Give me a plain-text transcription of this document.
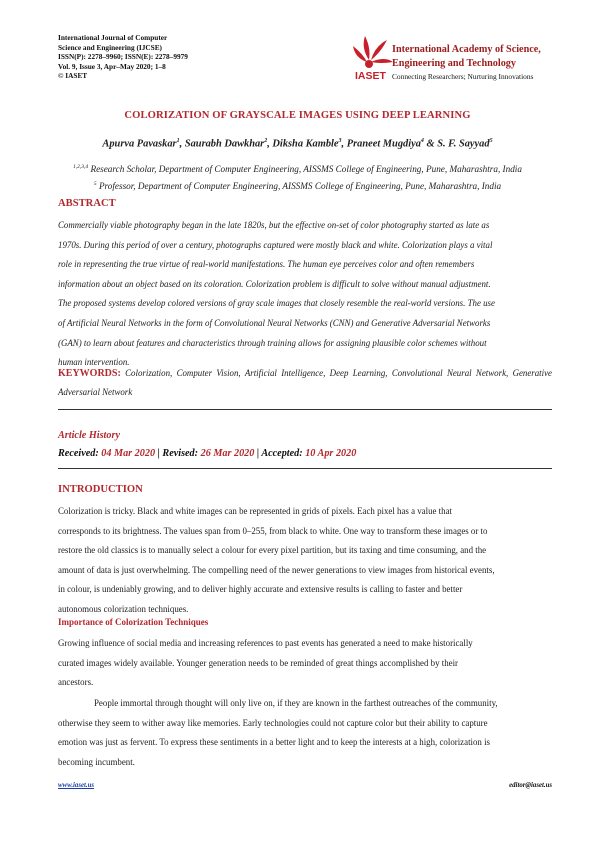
International Journal of Computer
Science and Engineering (IJCSE)
ISSN(P): 2278–9960; ISSN(E): 2278–9979
Vol. 9, Issue 3, Apr–May 2020; 1–8
© IASET	IASET
International Academy of Science,
Engineering and Technology
Connecting Researchers; Nurturing Innovations
COLORIZATION OF GRAYSCALE IMAGES USING DEEP LEARNING
Apurva Pavaskar$^1$, Saurabh Dawkhar$^2$, Diksha Kamble$^3$, Praneet Mugdiya$^4$ & S. F. Sayyad$^5$
$^{1,2,3,4}$ Research Scholar, Department of Computer Engineering, AISSMS College of Engineering, Pune, Maharashtra, India
$^5$ Professor, Department of Computer Engineering, AISSMS College of Engineering, Pune, Maharashtra, India
ABSTRACT
Commercially viable photography began in the late 1820s, but the effective on-set of color photography started as late as
1970s. During this period of over a century, photographs captured were mostly black and white. Colorization plays a vital
role in representing the true virtue of real-world manifestations. The human eye perceives color and often remembers
information about an object based on its coloration. Colorization problem is difficult to solve without manual adjustment.
The proposed systems develop colored versions of gray scale images that closely resemble the real-world versions. The use
of Artificial Neural Networks in the form of Convolutional Neural Networks (CNN) and Generative Adversarial Networks
(GAN) to learn about features and characteristics through training allows for assigning plausible color schemes without
human intervention.
KEYWORDS: Colorization, Computer Vision, Artificial Intelligence, Deep Learning, Convolutional Neural Network, Generative Adversarial Network
Article History
Received: 04 Mar 2020 | Revised: 26 Mar 2020 | Accepted: 10 Apr 2020
INTRODUCTION
Colorization is tricky. Black and white images can be represented in grids of pixels. Each pixel has a value that
corresponds to its brightness. The values span from 0–255, from black to white. One way to transform these images or to
restore the old classics is to manually select a colour for every pixel partition, but its taxing and time consuming, and the
amount of data is just overwhelming. The compelling need of the newer generations to view images from historical events,
in colour, is undeniably growing, and to deliver highly accurate and extensive results is calling to faster and better
autonomous colorization techniques.
Importance of Colorization Techniques
Growing influence of social media and increasing references to past events has generated a need to make historically
curated images widely available. Younger generation needs to be reminded of great things accomplished by their
ancestors.
People immortal through thought will only live on, if they are known in the farthest outreaches of the community,
otherwise they seem to wither away like memories. Early technologies could not capture color but their ability to capture
emotion was just as fervent. To express these sentiments in a better light and to keep the interests at a high, colorization is
becoming incumbent.
www.iaset.us	editor@iaset.us
